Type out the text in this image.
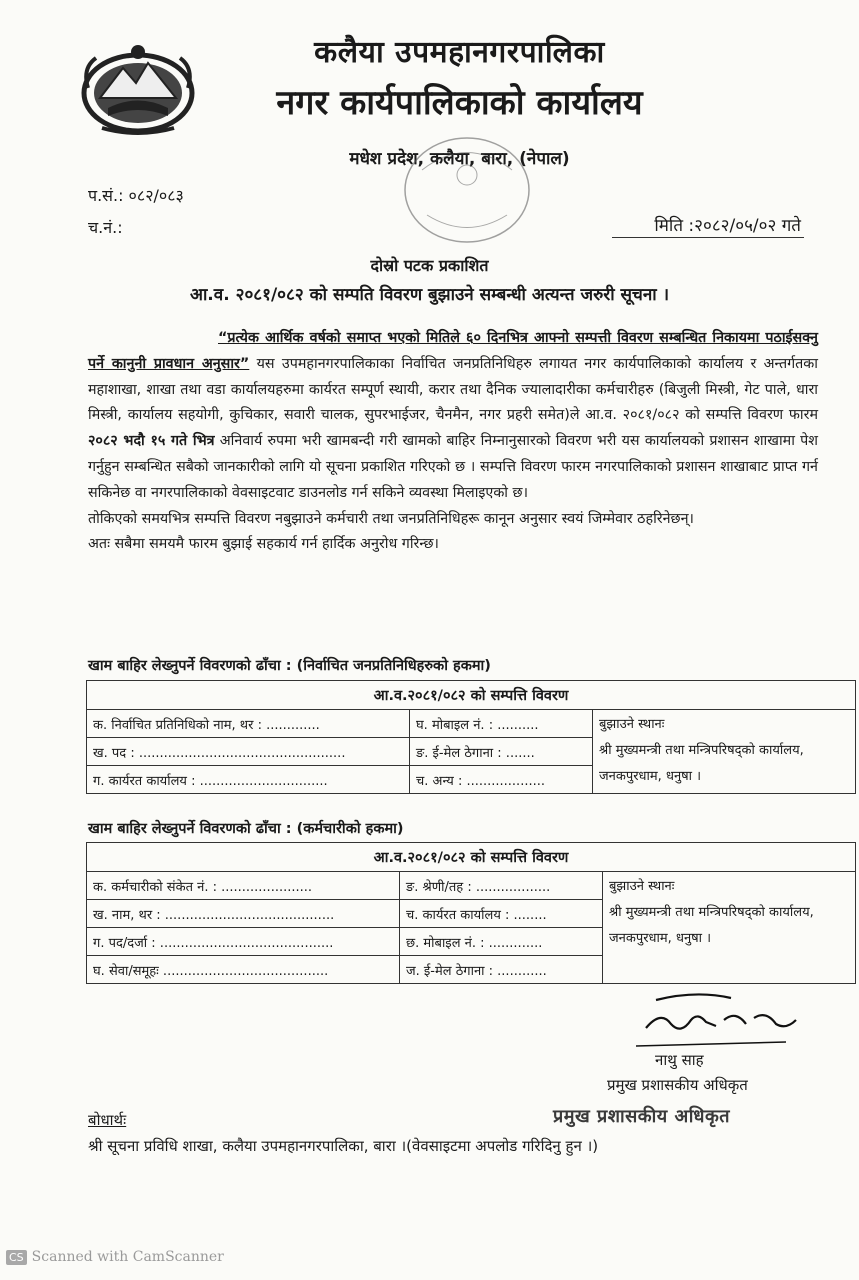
कलैया उपमहानगरपालिका
नगर कार्यपालिकाको कार्यालय
मधेश प्रदेश, कलैया, बारा, (नेपाल)
प.सं.: ०८२/०८३
च.नं.:	मिति :२०८२/०५/०२ गते
दोस्रो पटक प्रकाशित
आ.व. २०८१/०८२ को सम्पति विवरण बुझाउने सम्बन्धी अत्यन्त जरुरी सूचना ।

“प्रत्येक आर्थिक वर्षको समाप्त भएको मितिले ६० दिनभित्र आफ्नो सम्पत्ती विवरण सम्बन्धित निकायमा पठाईसक्नु पर्ने कानुनी प्रावधान अनुसार” यस उपमहानगरपालिकाका निर्वाचित जनप्रतिनिधिहरु लगायत नगर कार्यपालिकाको कार्यालय र अन्तर्गतका महाशाखा, शाखा तथा वडा कार्यालयहरुमा कार्यरत सम्पूर्ण स्थायी, करार तथा दैनिक ज्यालादारीका कर्मचारीहरु (बिजुली मिस्त्री, गेट पाले, धारा मिस्त्री, कार्यालय सहयोगी, कुचिकार, सवारी चालक, सुपरभाईजर, चैनमैन, नगर प्रहरी समेत)ले आ.व. २०८१/०८२ को सम्पत्ति विवरण फारम २०८२ भदौ १५ गते भित्र अनिवार्य रुपमा भरी खामबन्दी गरी खामको बाहिर निम्नानुसारको विवरण भरी यस कार्यालयको प्रशासन शाखामा पेश गर्नुहुन सम्बन्धित सबैको जानकारीको लागि यो सूचना प्रकाशित गरिएको छ । सम्पत्ति विवरण फारम नगरपालिकाको प्रशासन शाखाबाट प्राप्त गर्न सकिनेछ वा नगरपालिकाको वेवसाइटवाट डाउनलोड गर्न सकिने व्यवस्था मिलाइएको छ।

तोकिएको समयभित्र सम्पत्ति विवरण नबुझाउने कर्मचारी तथा जनप्रतिनिधिहरू कानून अनुसार स्वयं जिम्मेवार ठहरिनेछन्।

अतः सबैमा समयमै फारम बुझाई सहकार्य गर्न हार्दिक अनुरोध गरिन्छ।

खाम बाहिर लेख्नुपर्ने विवरणको ढाँचा : (निर्वाचित जनप्रतिनिधिहरुको हकमा)
आ.व.२०८१/०८२ को सम्पत्ति विवरण		
क. निर्वाचित प्रतिनिधिको नाम, थर : .............	घ. मोबाइल नं. : ..........	बुझाउने स्थानः
श्री मुख्यमन्त्री तथा मन्त्रिपरिषद्को कार्यालय, जनकपुरधाम, धनुषा ।

ख. पद : ..................................................	ङ. ई-मेल ठेगाना : .......	
ग. कार्यरत कार्यालय : ...............................	च. अन्य : ...................	
खाम बाहिर लेख्नुपर्ने विवरणको ढाँचा : (कर्मचारीको हकमा)
आ.व.२०८१/०८२ को सम्पत्ति विवरण		
क. कर्मचारीको संकेत नं. : ......................	ङ. श्रेणी/तह : ..................	बुझाउने स्थानः
श्री मुख्यमन्त्री तथा मन्त्रिपरिषद्को कार्यालय, जनकपुरधाम, धनुषा ।

ख. नाम, थर : .........................................	च. कार्यरत कार्यालय : ........	
ग. पद/दर्जा : ..........................................	छ. मोबाइल नं. : .............	
घ. सेवा/समूहः ........................................	ज. ई-मेल ठेगाना : ............	
नाथु साह
प्रमुख प्रशासकीय अधिकृत
प्रमुख प्रशासकीय अधिकृत
बोधार्थः
श्री सूचना प्रविधि शाखा, कलैया उपमहानगरपालिका, बारा ।(वेवसाइटमा अपलोड गरिदिनु हुन ।)
CS Scanned with CamScanner
